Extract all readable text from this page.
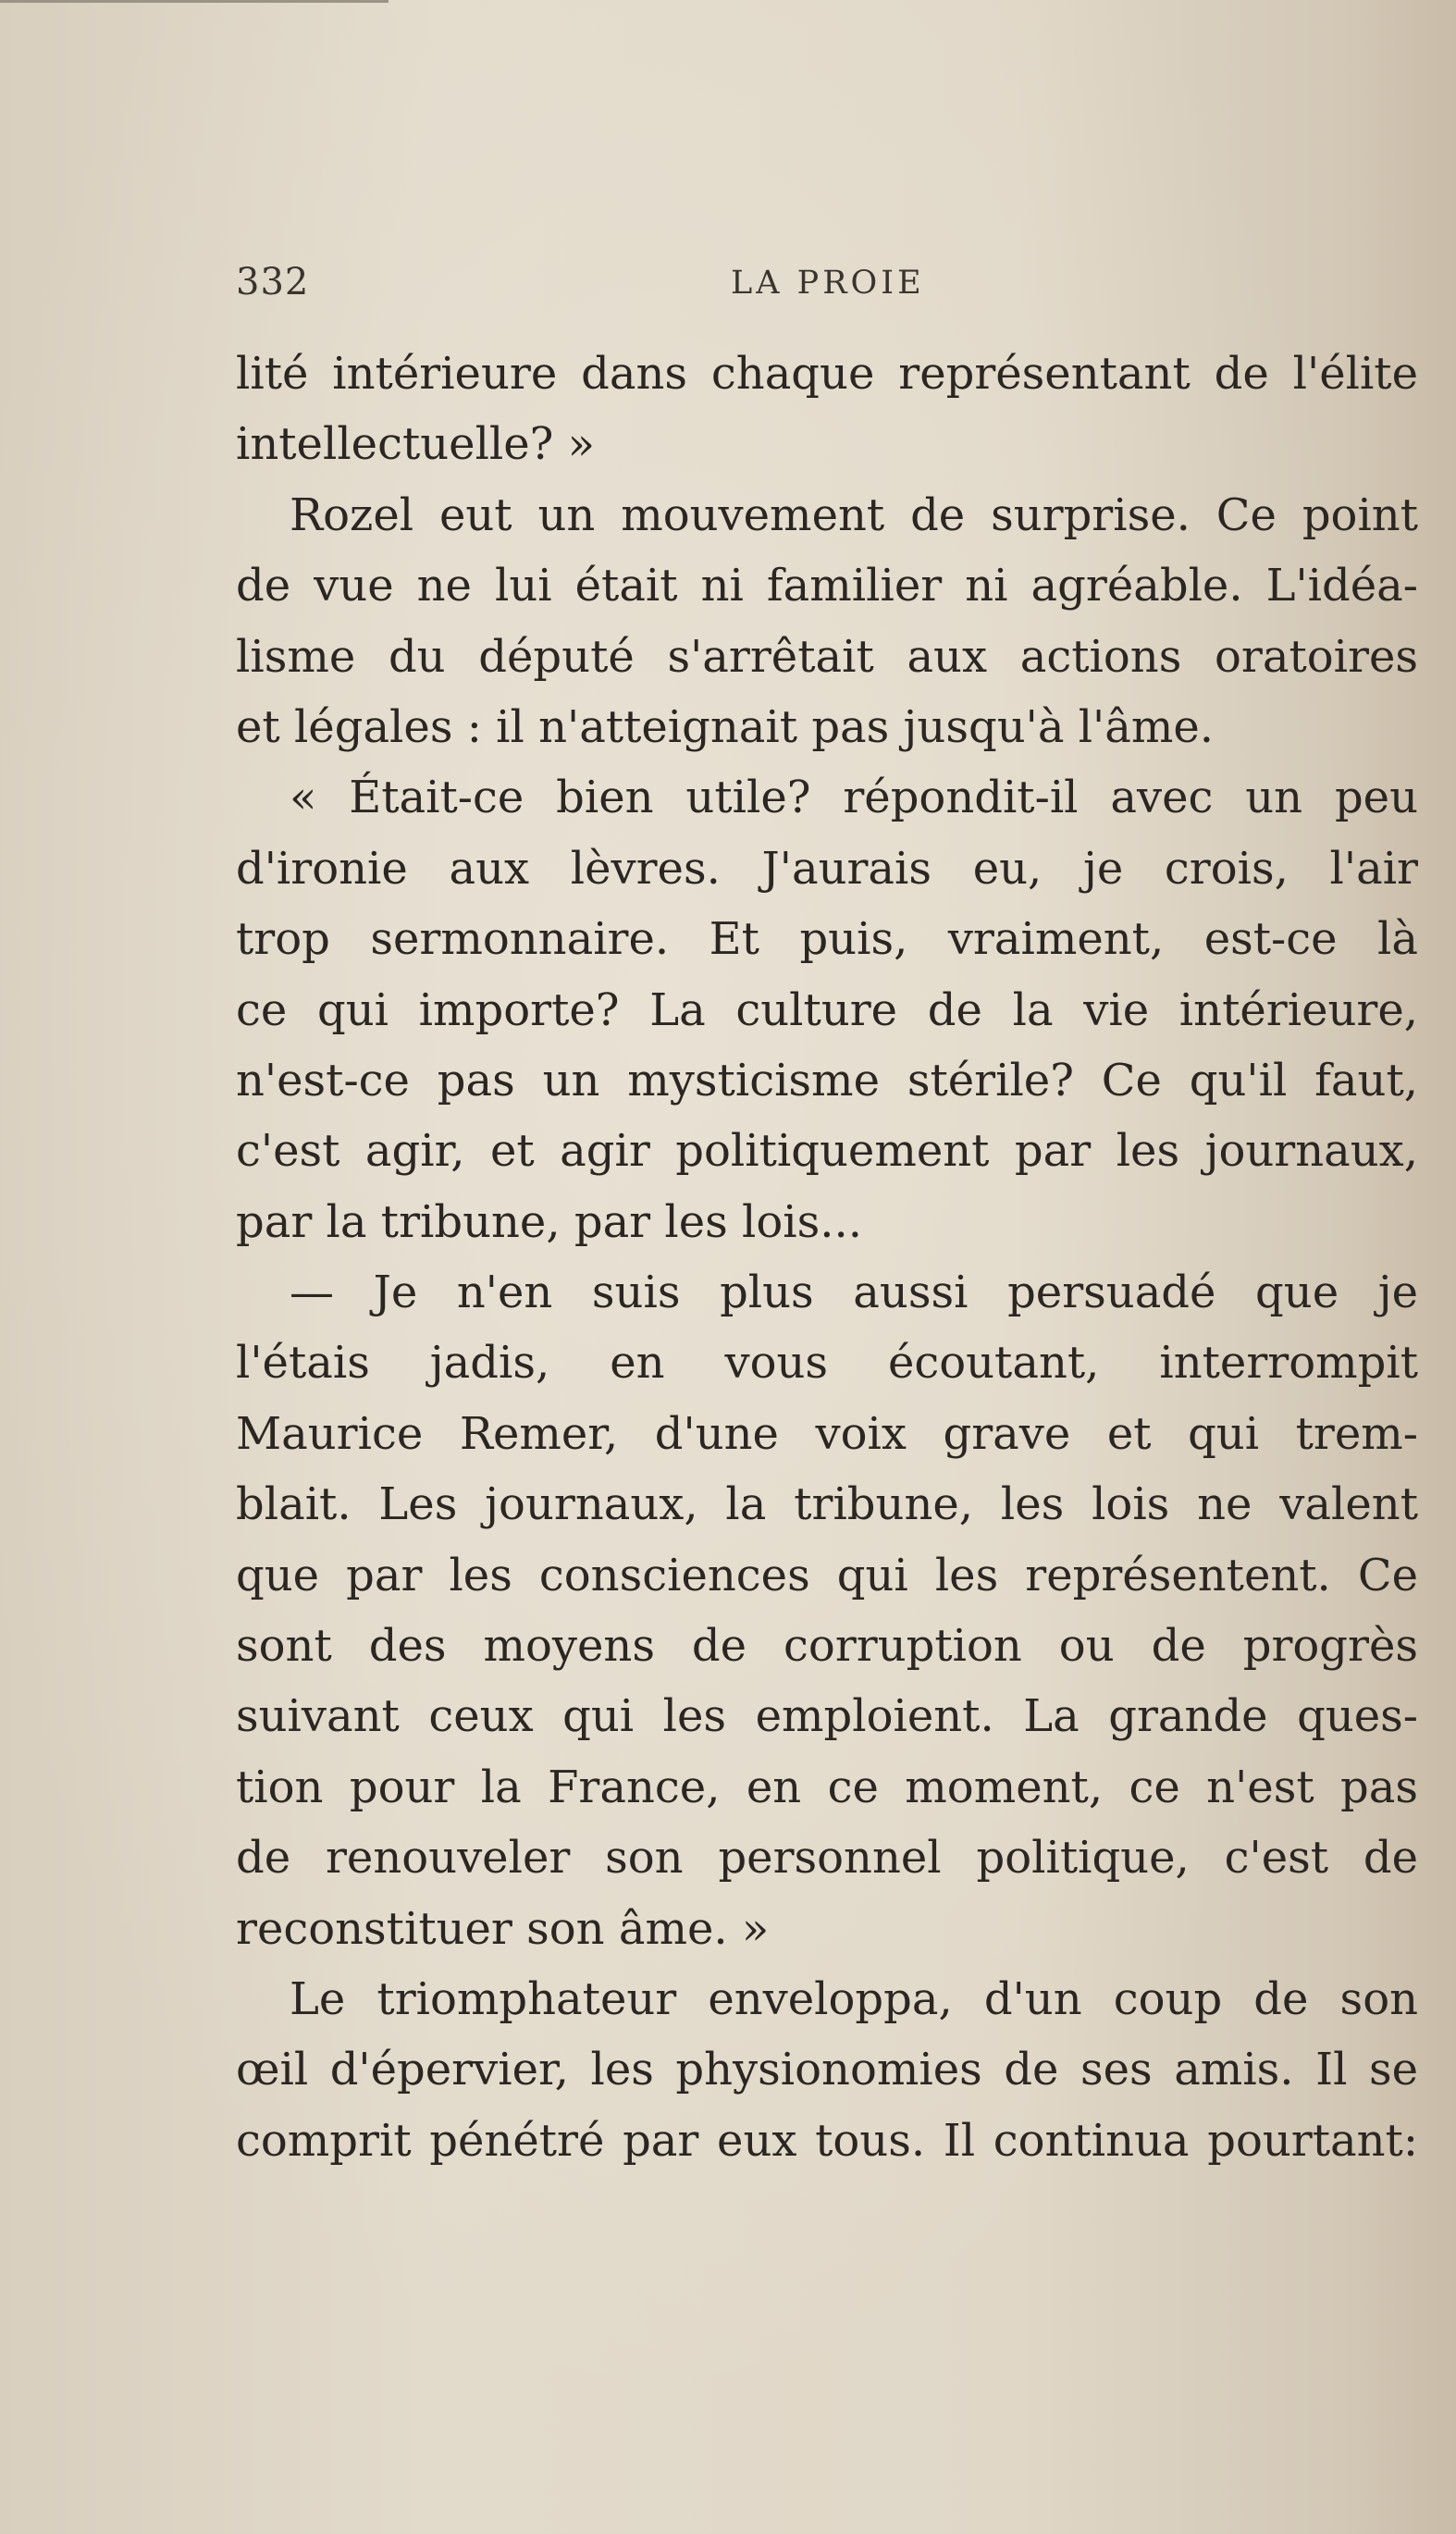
332	LA PROIE
lité intérieure dans chaque représentant de l'élite
intellectuelle? »
Rozel eut un mouvement de surprise. Ce point
de vue ne lui était ni familier ni agréable. L'idéa-
lisme du député s'arrêtait aux actions oratoires
et légales : il n'atteignait pas jusqu'à l'âme.
« Était-ce bien utile? répondit-il avec un peu
d'ironie aux lèvres. J'aurais eu, je crois, l'air
trop sermonnaire. Et puis, vraiment, est-ce là
ce qui importe? La culture de la vie intérieure,
n'est-ce pas un mysticisme stérile? Ce qu'il faut,
c'est agir, et agir politiquement par les journaux,
par la tribune, par les lois...
— Je n'en suis plus aussi persuadé que je
l'étais jadis, en vous écoutant, interrompit
Maurice Remer, d'une voix grave et qui trem-
blait. Les journaux, la tribune, les lois ne valent
que par les consciences qui les représentent. Ce
sont des moyens de corruption ou de progrès
suivant ceux qui les emploient. La grande ques-
tion pour la France, en ce moment, ce n'est pas
de renouveler son personnel politique, c'est de
reconstituer son âme. »
Le triomphateur enveloppa, d'un coup de son
œil d'épervier, les physionomies de ses amis. Il se
comprit pénétré par eux tous. Il continua pourtant:
